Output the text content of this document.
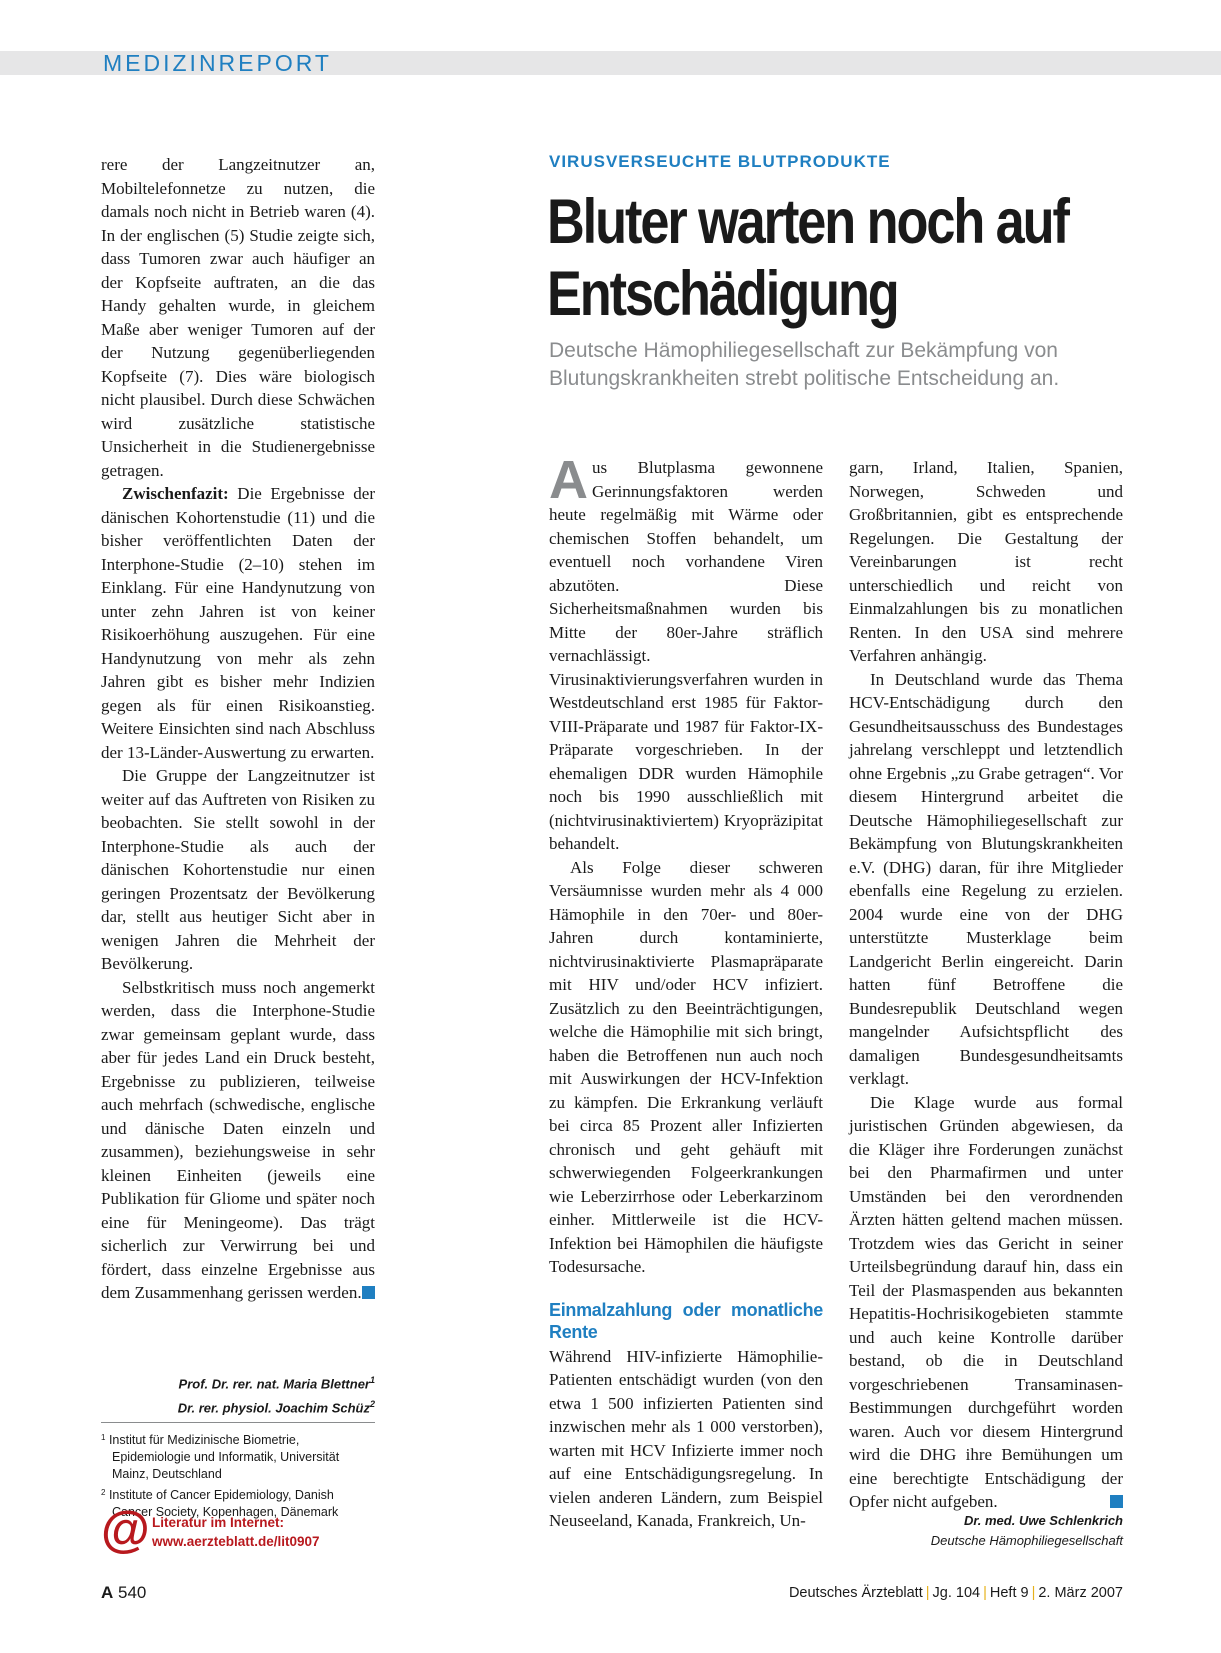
MEDIZINREPORT

rere der Langzeitnutzer an, Mobiltelefonnetze zu nutzen, die damals noch nicht in Betrieb waren (4). In der englischen (5) Studie zeigte sich, dass Tumoren zwar auch häufiger an der Kopfseite auftraten, an die das Handy gehalten wurde, in gleichem Maße aber weniger Tumoren auf der der Nutzung gegenüberliegenden Kopfseite (7). Dies wäre biologisch nicht plausibel. Durch diese Schwächen wird zusätzliche statistische Unsicherheit in die Studienergebnisse getragen.

Zwischenfazit: Die Ergebnisse der dänischen Kohortenstudie (11) und die bisher veröffentlichten Daten der Interphone-Studie (2–10) stehen im Einklang. Für eine Handynutzung von unter zehn Jahren ist von keiner Risikoerhöhung auszugehen. Für eine Handynutzung von mehr als zehn Jahren gibt es bisher mehr Indizien gegen als für einen Risikoanstieg. Weitere Einsichten sind nach Abschluss der 13-Länder-Auswertung zu erwarten.

Die Gruppe der Langzeitnutzer ist weiter auf das Auftreten von Risiken zu beobachten. Sie stellt sowohl in der Interphone-Studie als auch der dänischen Kohortenstudie nur einen geringen Prozentsatz der Bevölkerung dar, stellt aus heutiger Sicht aber in wenigen Jahren die Mehrheit der Bevölkerung.

Selbstkritisch muss noch angemerkt werden, dass die Interphone-Studie zwar gemeinsam geplant wurde, dass aber für jedes Land ein Druck besteht, Ergebnisse zu publizieren, teilweise auch mehrfach (schwedische, englische und dänische Daten einzeln und zusammen), beziehungsweise in sehr kleinen Einheiten (jeweils eine Publikation für Gliome und später noch eine für Meningeome). Das trägt sicherlich zur Verwirrung bei und fördert, dass einzelne Ergebnisse aus dem Zusammenhang gerissen werden.

Prof. Dr. rer. nat. Maria Blettner$^1$
Dr. rer. physiol. Joachim Schüz$^2$

$^1$ Institut für Medizinische Biometrie, Epidemiologie und Informatik, Universität Mainz, Deutschland

$^2$ Institute of Cancer Epidemiology, Danish Cancer Society, Kopenhagen, Dänemark

@ Literatur im Internet:
www.aerzteblatt.de/lit0907
VIRUSVERSEUCHTE BLUTPRODUKTE
Bluter warten noch auf
Entschädigung
Deutsche Hämophiliegesellschaft zur Bekämpfung von Blutungskrankheiten strebt politische Entscheidung an.

Aus Blutplasma gewonnene Gerinnungsfaktoren werden heute regelmäßig mit Wärme oder chemischen Stoffen behandelt, um eventuell noch vorhandene Viren abzutöten. Diese Sicherheitsmaßnahmen wurden bis Mitte der 80er-Jahre sträflich vernachlässigt. Virusinaktivierungsverfahren wurden in Westdeutschland erst 1985 für Faktor-VIII-Präparate und 1987 für Faktor-IX-Präparate vorgeschrieben. In der ehemaligen DDR wurden Hämophile noch bis 1990 ausschließlich mit (nichtvirusinaktiviertem) Kryopräzipitat behandelt.

Als Folge dieser schweren Versäumnisse wurden mehr als 4 000 Hämophile in den 70er- und 80er-Jahren durch kontaminierte, nichtvirusinaktivierte Plasmapräparate mit HIV und/oder HCV infiziert. Zusätzlich zu den Beeinträchtigungen, welche die Hämophilie mit sich bringt, haben die Betroffenen nun auch noch mit Auswirkungen der HCV-Infektion zu kämpfen. Die Erkrankung verläuft bei circa 85 Prozent aller Infizierten chronisch und geht gehäuft mit schwerwiegenden Folgeerkrankungen wie Leberzirrhose oder Leberkarzinom einher. Mittlerweile ist die HCV-Infektion bei Hämophilen die häufigste Todesursache.

Einmalzahlung oder monatliche Rente

Während HIV-infizierte Hämophilie-Patienten entschädigt wurden (von den etwa 1 500 infizierten Patienten sind inzwischen mehr als 1 000 verstorben), warten mit HCV Infizierte immer noch auf eine Entschädigungsregelung. In vielen anderen Ländern, zum Beispiel Neuseeland, Kanada, Frankreich, Un-

garn, Irland, Italien, Spanien, Norwegen, Schweden und Großbritannien, gibt es entsprechende Regelungen. Die Gestaltung der Vereinbarungen ist recht unterschiedlich und reicht von Einmalzahlungen bis zu monatlichen Renten. In den USA sind mehrere Verfahren anhängig.

In Deutschland wurde das Thema HCV-Entschädigung durch den Gesundheitsausschuss des Bundestages jahrelang verschleppt und letztendlich ohne Ergebnis „zu Grabe getragen“. Vor diesem Hintergrund arbeitet die Deutsche Hämophiliegesellschaft zur Bekämpfung von Blutungskrankheiten e.V. (DHG) daran, für ihre Mitglieder ebenfalls eine Regelung zu erzielen. 2004 wurde eine von der DHG unterstützte Musterklage beim Landgericht Berlin eingereicht. Darin hatten fünf Betroffene die Bundesrepublik Deutschland wegen mangelnder Aufsichtspflicht des damaligen Bundesgesundheitsamts verklagt.

Die Klage wurde aus formal juristischen Gründen abgewiesen, da die Kläger ihre Forderungen zunächst bei den Pharmafirmen und unter Umständen bei den verordnenden Ärzten hätten geltend machen müssen. Trotzdem wies das Gericht in seiner Urteilsbegründung darauf hin, dass ein Teil der Plasmaspenden aus bekannten Hepatitis-Hochrisikogebieten stammte und auch keine Kontrolle darüber bestand, ob die in Deutschland vorgeschriebenen Transaminasen-Bestimmungen durchgeführt worden waren. Auch vor diesem Hintergrund wird die DHG ihre Bemühungen um eine berechtigte Entschädigung der Opfer nicht aufgeben.

Dr. med. Uwe Schlenkrich
Deutsche Hämophiliegesellschaft
A 540	Deutsches Ärzteblatt | Jg. 104 | Heft 9 | 2. März 2007
